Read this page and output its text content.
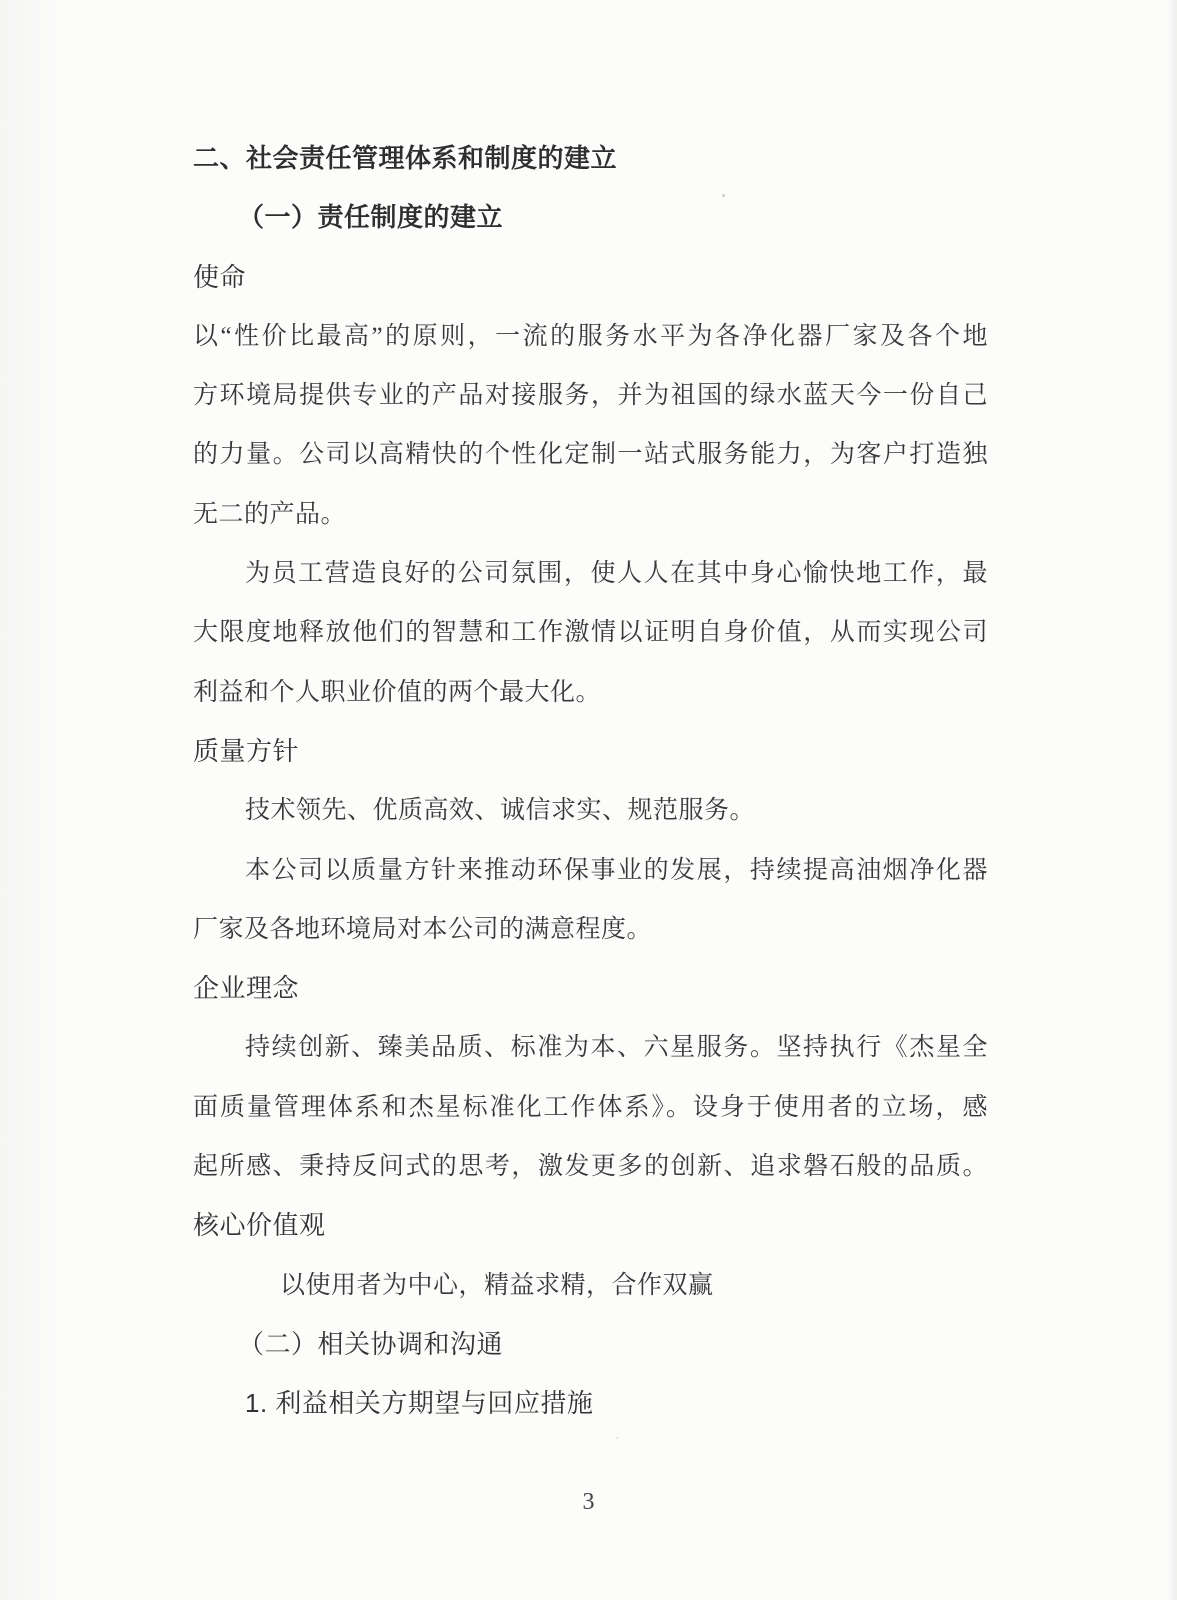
二、社会责任管理体系和制度的建立
（一）责任制度的建立
使命
以“性价比最高”的原则，一流的服务水平为各净化器厂家及各个地
方环境局提供专业的产品对接服务，并为祖国的绿水蓝天今一份自己
的力量。公司以高精快的个性化定制一站式服务能力，为客户打造独
无二的产品。
为员工营造良好的公司氛围，使人人在其中身心愉快地工作，最
大限度地释放他们的智慧和工作激情以证明自身价值，从而实现公司
利益和个人职业价值的两个最大化。
质量方针
技术领先、优质高效、诚信求实、规范服务。
本公司以质量方针来推动环保事业的发展，持续提高油烟净化器
厂家及各地环境局对本公司的满意程度。
企业理念
持续创新、臻美品质、标准为本、六星服务。坚持执行《杰星全
面质量管理体系和杰星标准化工作体系》。设身于使用者的立场，感
起所感、秉持反问式的思考，激发更多的创新、追求磐石般的品质。
核心价值观
以使用者为中心，精益求精，合作双赢
（二）相关协调和沟通
1. 利益相关方期望与回应措施
3
